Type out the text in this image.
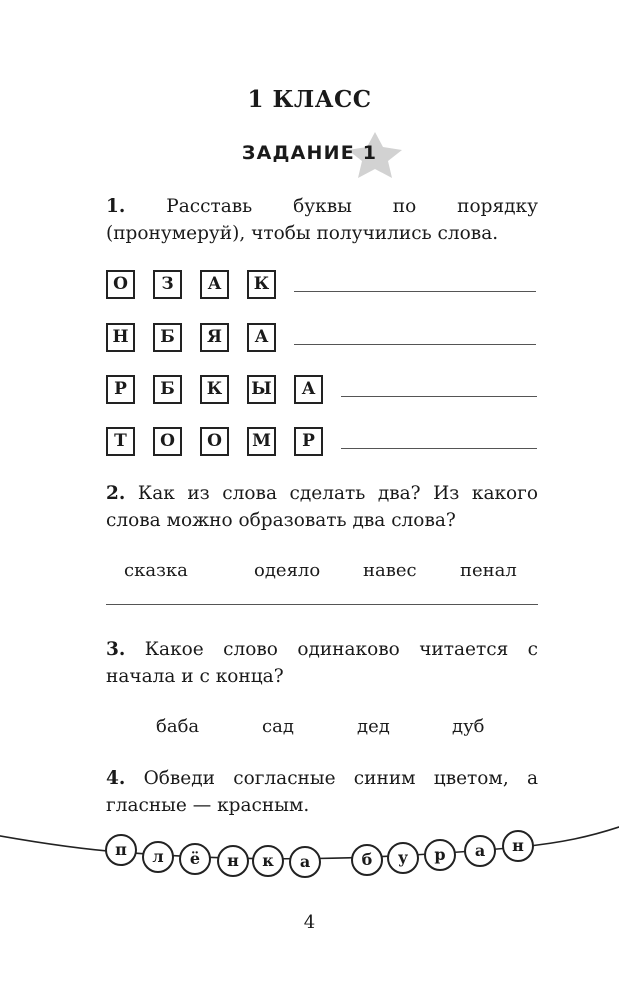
1 КЛАСС
ЗАДАНИЕ 1
1. Расставь буквы по порядку (пронумеруй), чтобы получились слова.
О	З	А	К
Н	Б	Я	А
Р	Б	К	Ы	А
Т	О	О	М	Р
2. Как из слова сделать два? Из какого слова можно образовать два слова?
сказка	одеяло навес пенал
3. Какое слово одинаково читается с начала и с конца?
баба	сад	дед	дуб
4. Обведи согласные синим цветом, а гласные — красным.
п л ё н к а	б у р а н
4
